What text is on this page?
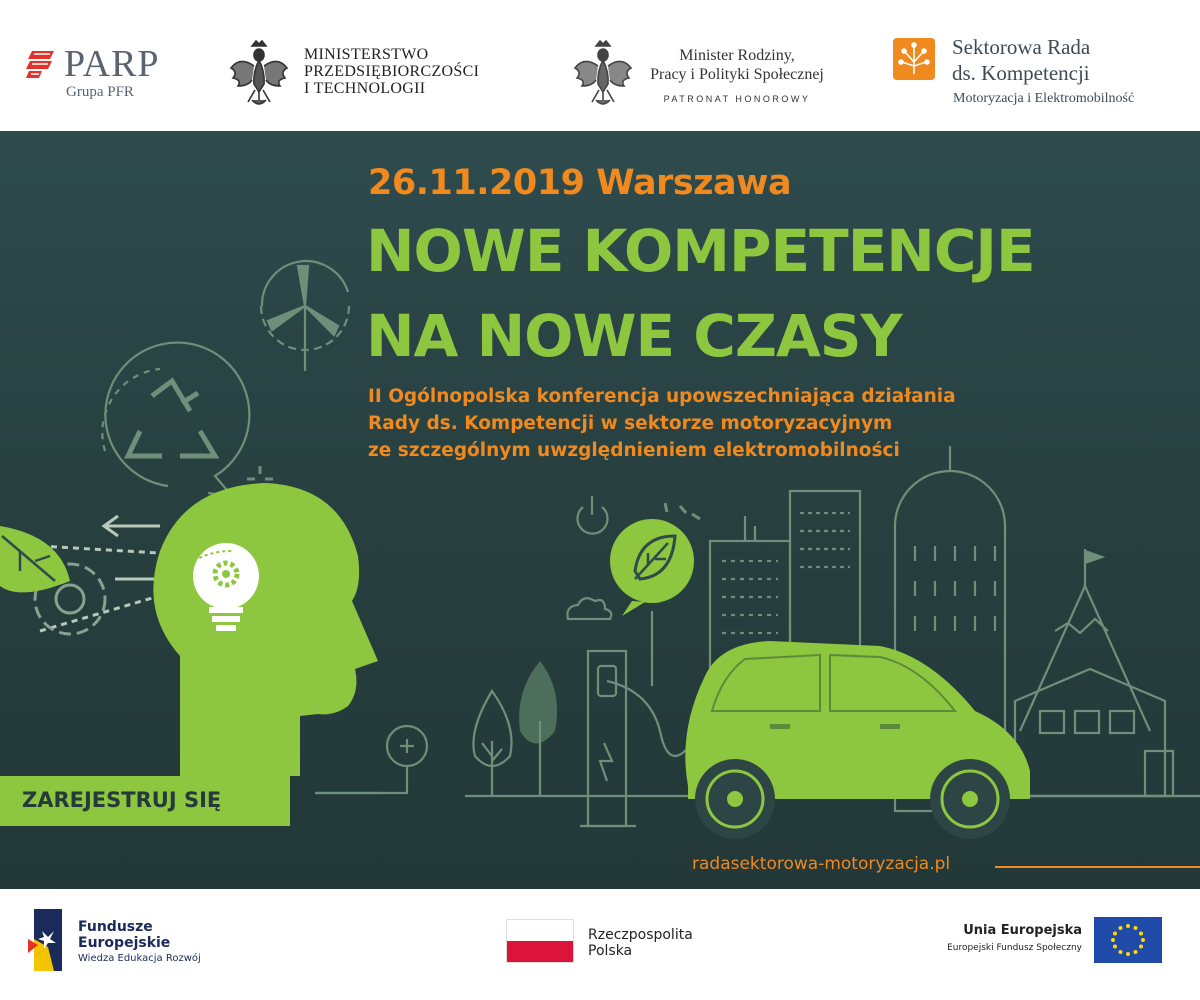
PARP
Grupa PFR
MINISTERSTWO
PRZEDSIĘBIORCZOŚCI
I TECHNOLOGII
Minister Rodziny,
Pracy i Polityki Społecznej
PATRONAT HONOROWY
Sektorowa Rada
ds. Kompetencji
Motoryzacja i Elektromobilność
26.11.2019 Warszawa
NOWE KOMPETENCJE
NA NOWE CZASY
II Ogólnopolska konferencja upowszechniająca działania
Rady ds. Kompetencji w sektorze motoryzacyjnym
ze szczególnym uwzględnieniem elektromobilności
ZAREJESTRUJ SIĘ
radasektorowa-motoryzacja.pl
Fundusze
Europejskie
Wiedza Edukacja Rozwój
Rzeczpospolita
Polska
Unia Europejska
Europejski Fundusz Społeczny
